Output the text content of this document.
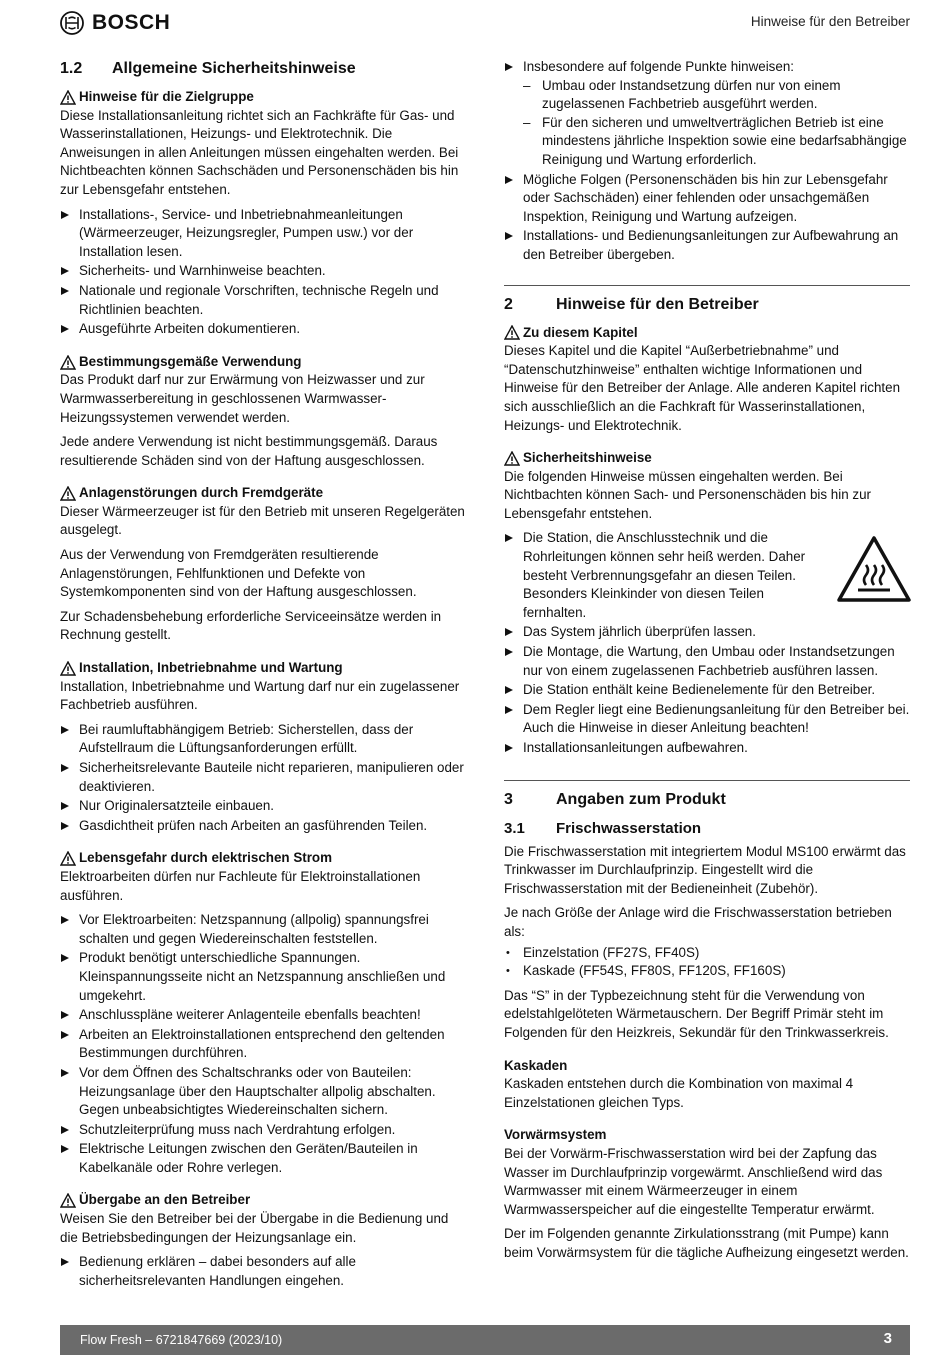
BOSCH	Hinweise für den Betreiber
1.2	Allgemeine Sicherheitshinweise
Hinweise für die Zielgruppe

Diese Installationsanleitung richtet sich an Fachkräfte für Gas- und Wasserinstallationen, Heizungs- und Elektrotechnik. Die Anweisungen in allen Anleitungen müssen eingehalten werden. Bei Nichtbeachten können Sachschäden und Personenschäden bis hin zur Lebensgefahr entstehen.

Installations-, Service- und Inbetriebnahmeanleitungen (Wärmeerzeuger, Heizungsregler, Pumpen usw.) vor der Installation lesen.
Sicherheits- und Warnhinweise beachten.
Nationale und regionale Vorschriften, technische Regeln und Richtlinien beachten.
Ausgeführte Arbeiten dokumentieren.
Bestimmungsgemäße Verwendung

Das Produkt darf nur zur Erwärmung von Heizwasser und zur Warmwasserbereitung in geschlossenen Warmwasser-Heizungssystemen verwendet werden.

Jede andere Verwendung ist nicht bestimmungsgemäß. Daraus resultierende Schäden sind von der Haftung ausgeschlossen.

Anlagenstörungen durch Fremdgeräte

Dieser Wärmeerzeuger ist für den Betrieb mit unseren Regelgeräten ausgelegt.

Aus der Verwendung von Fremdgeräten resultierende Anlagenstörungen, Fehlfunktionen und Defekte von Systemkomponenten sind von der Haftung ausgeschlossen.

Zur Schadensbehebung erforderliche Serviceeinsätze werden in Rechnung gestellt.

Installation, Inbetriebnahme und Wartung

Installation, Inbetriebnahme und Wartung darf nur ein zugelassener Fachbetrieb ausführen.

Bei raumluftabhängigem Betrieb: Sicherstellen, dass der Aufstellraum die Lüftungsanforderungen erfüllt.
Sicherheitsrelevante Bauteile nicht reparieren, manipulieren oder deaktivieren.
Nur Originalersatzteile einbauen.
Gasdichtheit prüfen nach Arbeiten an gasführenden Teilen.
Lebensgefahr durch elektrischen Strom

Elektroarbeiten dürfen nur Fachleute für Elektroinstallationen ausführen.

Vor Elektroarbeiten: Netzspannung (allpolig) spannungsfrei schalten und gegen Wiedereinschalten feststellen.
Produkt benötigt unterschiedliche Spannungen. Kleinspannungsseite nicht an Netzspannung anschließen und umgekehrt.
Anschlusspläne weiterer Anlagenteile ebenfalls beachten!
Arbeiten an Elektroinstallationen entsprechend den geltenden Bestimmungen durchführen.
Vor dem Öffnen des Schaltschranks oder von Bauteilen: Heizungsanlage über den Hauptschalter allpolig abschalten. Gegen unbeabsichtigtes Wiedereinschalten sichern.
Schutzleiterprüfung muss nach Verdrahtung erfolgen.
Elektrische Leitungen zwischen den Geräten/Bauteilen in Kabelkanäle oder Rohre verlegen.
Übergabe an den Betreiber

Weisen Sie den Betreiber bei der Übergabe in die Bedienung und die Betriebsbedingungen der Heizungsanlage ein.

Bedienung erklären – dabei besonders auf alle sicherheitsrelevanten Handlungen eingehen.
Insbesondere auf folgende Punkte hinweisen:
– Umbau oder Instandsetzung dürfen nur von einem zugelassenen Fachbetrieb ausgeführt werden.
– Für den sicheren und umweltverträglichen Betrieb ist eine mindestens jährliche Inspektion sowie eine bedarfsabhängige Reinigung und Wartung erforderlich.
Mögliche Folgen (Personenschäden bis hin zur Lebensgefahr oder Sachschäden) einer fehlenden oder unsachgemäßen Inspektion, Reinigung und Wartung aufzeigen.
Installations- und Bedienungsanleitungen zur Aufbewahrung an den Betreiber übergeben.
2	Hinweise für den Betreiber
Zu diesem Kapitel

Dieses Kapitel und die Kapitel “Außerbetriebnahme” und “Datenschutzhinweise” enthalten wichtige Informationen und Hinweise für den Betreiber der Anlage. Alle anderen Kapitel richten sich ausschließlich an die Fachkraft für Wasserinstallationen, Heizungs- und Elektrotechnik.

Sicherheitshinweise

Die folgenden Hinweise müssen eingehalten werden. Bei Nichtbachten können Sach- und Personenschäden bis hin zur Lebensgefahr entstehen.

Die Station, die Anschlusstechnik und die Rohrleitungen können sehr heiß werden. Daher besteht Verbrennungsgefahr an diesen Teilen. Besonders Kleinkinder von diesen Teilen fernhalten.
Das System jährlich überprüfen lassen.
Die Montage, die Wartung, den Umbau oder Instandsetzungen nur von einem zugelassenen Fachbetrieb ausführen lassen.
Die Station enthält keine Bedienelemente für den Betreiber.
Dem Regler liegt eine Bedienungsanleitung für den Betreiber bei. Auch die Hinweise in dieser Anleitung beachten!
Installationsanleitungen aufbewahren.
3	Angaben zum Produkt
3.1	Frischwasserstation

Die Frischwasserstation mit integriertem Modul MS100 erwärmt das Trinkwasser im Durchlaufprinzip. Eingestellt wird die Frischwasserstation mit der Bedieneinheit (Zubehör).

Je nach Größe der Anlage wird die Frischwasserstation betrieben als:

• Einzelstation (FF27S, FF40S)
• Kaskade (FF54S, FF80S, FF120S, FF160S)

Das “S” in der Typbezeichnung steht für die Verwendung von edelstahlgelöteten Wärmetauschern. Der Begriff Primär steht im Folgenden für den Heizkreis, Sekundär für den Trinkwasserkreis.

Kaskaden

Kaskaden entstehen durch die Kombination von maximal 4 Einzelstationen gleichen Typs.

Vorwärmsystem

Bei der Vorwärm-Frischwasserstation wird bei der Zapfung das Wasser im Durchlaufprinzip vorgewärmt. Anschließend wird das Warmwasser mit einem Wärmeerzeuger in einem Warmwasserspeicher auf die eingestellte Temperatur erwärmt.

Der im Folgenden genannte Zirkulationsstrang (mit Pumpe) kann beim Vorwärmsystem für die tägliche Aufheizung eingesetzt werden.

Flow Fresh – 6721847669 (2023/10)	3
